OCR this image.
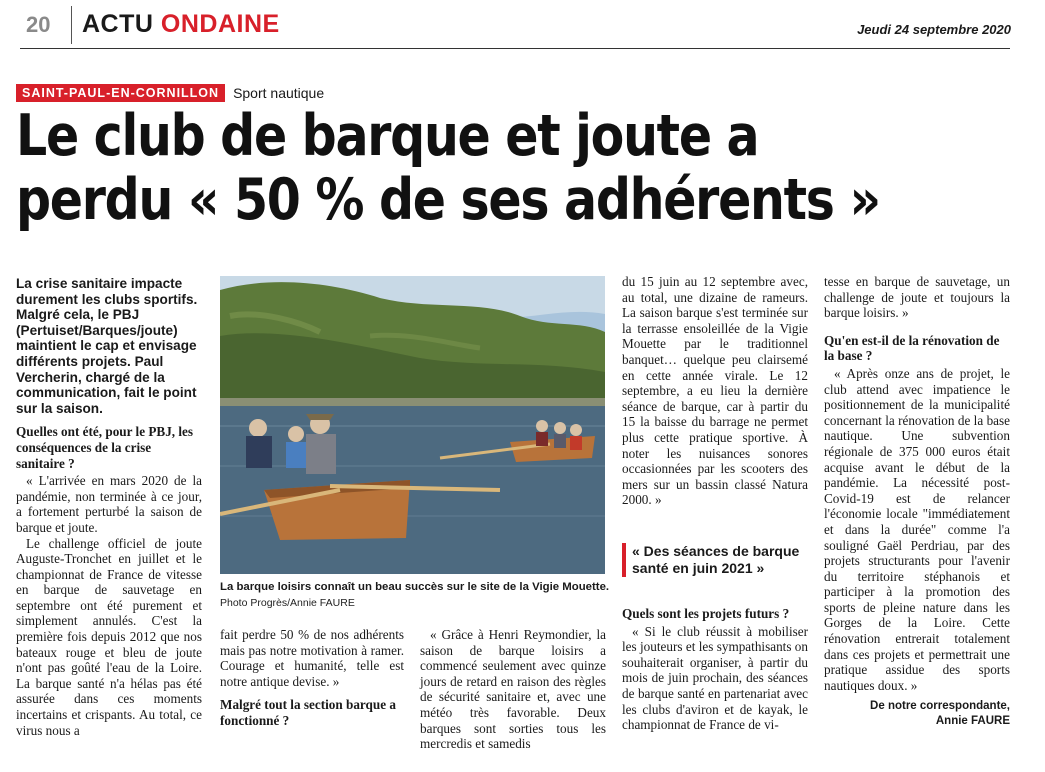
20 ACTU ONDAINE	Jeudi 24 septembre 2020
SAINT-PAUL-EN-CORNILLON	Sport nautique
Le club de barque et joute a
perdu « 50 % de ses adhérents »

La crise sanitaire impacte durement les clubs sportifs. Malgré cela, le PBJ (Pertuiset/Barques/joute) maintient le cap et envisage différents projets. Paul Vercherin, chargé de la communication, fait le point sur la saison.

Quelles ont été, pour le PBJ, les conséquences de la crise sanitaire ?

« L'arrivée en mars 2020 de la pandémie, non terminée à ce jour, a fortement perturbé la saison de barque et joute.

Le challenge officiel de joute Auguste-Tronchet en juillet et le championnat de France de vitesse en barque de sauvetage en septembre ont été purement et simplement annulés. C'est la première fois depuis 2012 que nos bateaux rouge et bleu de joute n'ont pas goûté l'eau de la Loire. La barque santé n'a hélas pas été assurée dans ces moments incertains et crispants. Au total, ce virus nous a

La barque loisirs connaît un beau succès sur le site de la Vigie Mouette.
Photo Progrès/Annie FAURE

fait perdre 50 % de nos adhérents mais pas notre motivation à ramer. Courage et humanité, telle est notre antique devise. »

Malgré tout la section barque a fonctionné ?

« Grâce à Henri Reymondier, la saison de barque loisirs a commencé seulement avec quinze jours de retard en raison des règles de sécurité sanitaire et, avec une météo très favorable. Deux barques sont sorties tous les mercredis et samedis

du 15 juin au 12 septembre avec, au total, une dizaine de rameurs. La saison barque s'est terminée sur la terrasse ensoleillée de la Vigie Mouette par le traditionnel banquet… quelque peu clairsemé en cette année virale. Le 12 septembre, a eu lieu la dernière séance de barque, car à partir du 15 la baisse du barrage ne permet plus cette pratique sportive. À noter les nuisances sonores occasionnées par les scooters des mers sur un bassin classé Natura 2000. »

« Des séances de barque santé en juin 2021 »

Quels sont les projets futurs ?

« Si le club réussit à mobiliser les jouteurs et les sympathisants on souhaiterait organiser, à partir du mois de juin prochain, des séances de barque santé en partenariat avec les clubs d'aviron et de kayak, le championnat de France de vi-

tesse en barque de sauvetage, un challenge de joute et toujours la barque loisirs. »

Qu'en est-il de la rénovation de la base ?

« Après onze ans de projet, le club attend avec impatience le positionnement de la municipalité concernant la rénovation de la base nautique. Une subvention régionale de 375 000 euros était acquise avant le début de la pandémie. La nécessité post-Covid-19 est de relancer l'économie locale "immédiatement et dans la durée" comme l'a souligné Gaël Perdriau, par des projets structurants pour l'avenir du territoire stéphanois et participer à la promotion des sports de pleine nature dans les Gorges de la Loire. Cette rénovation entrerait totalement dans ces projets et permettrait une pratique assidue des sports nautiques doux. »

De notre correspondante,
Annie FAURE
